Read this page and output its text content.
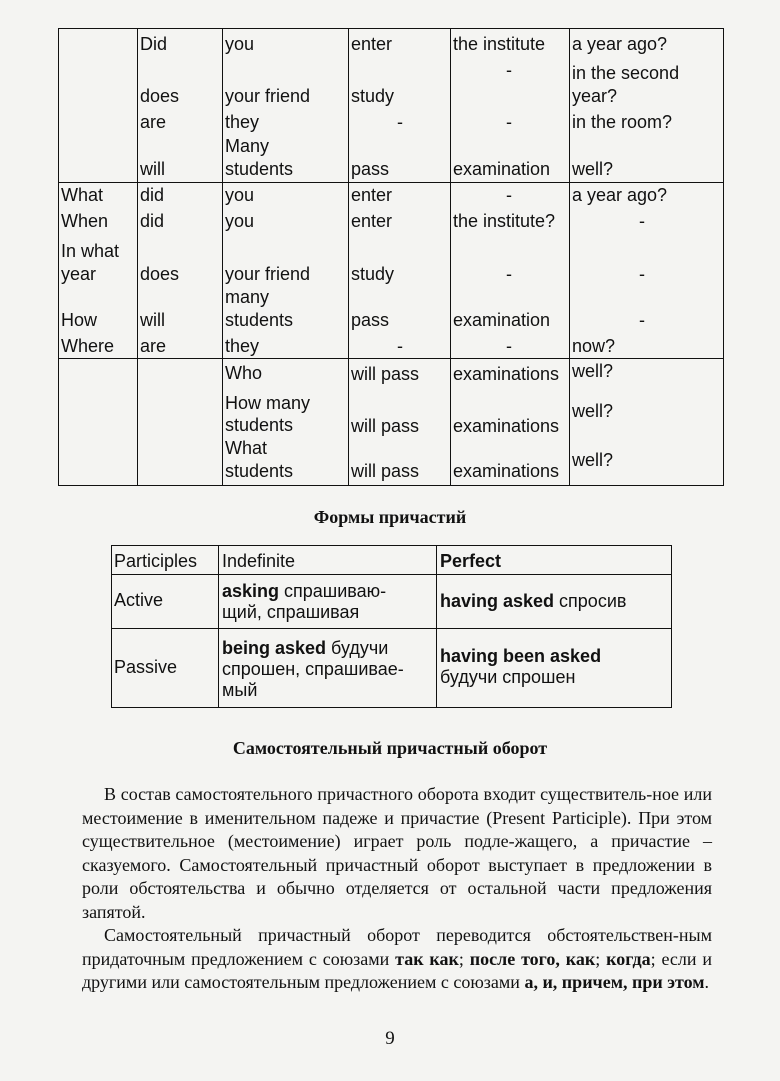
Did
does
are
will
you
your friend
they
Many
students
enter
study
-
pass
the institute
-
-
examination
a year ago?
in the second
year?
in the room?
well?
What
When
In what
year
How
Where
did
did
does
will
are
you
you
your friend
many
students
they
enter
enter
study
pass
-
-
the institute?
-
examination
-
a year ago?
-
-
-
now?
Who
How many
students
What
students
will pass
will pass
will pass
examinations
examinations
examinations
well?
well?
well?
Формы причастий
Participles Indefinite	Perfect
Active	asking спрашиваю-
щий, спрашивая
having asked спросив
Passive
being asked будучи
спрошен, спрашивае-
мый
having been asked
будучи спрошен
Самостоятельный причастный оборот
В состав самостоятельного причастного оборота входит существитель-ное или местоимение в именительном падеже и причастие (Present Participle). При этом существительное (местоимение) играет роль подле-жащего, а причастие – сказуемого. Самостоятельный причастный оборот выступает в предложении в роли обстоятельства и обычно отделяется от остальной части предложения запятой.
Самостоятельный причастный оборот переводится обстоятельствен-ным придаточным предложением с союзами так как; после того, как; когда; если и другими или самостоятельным предложением с союзами а, и, причем, при этом.
9
